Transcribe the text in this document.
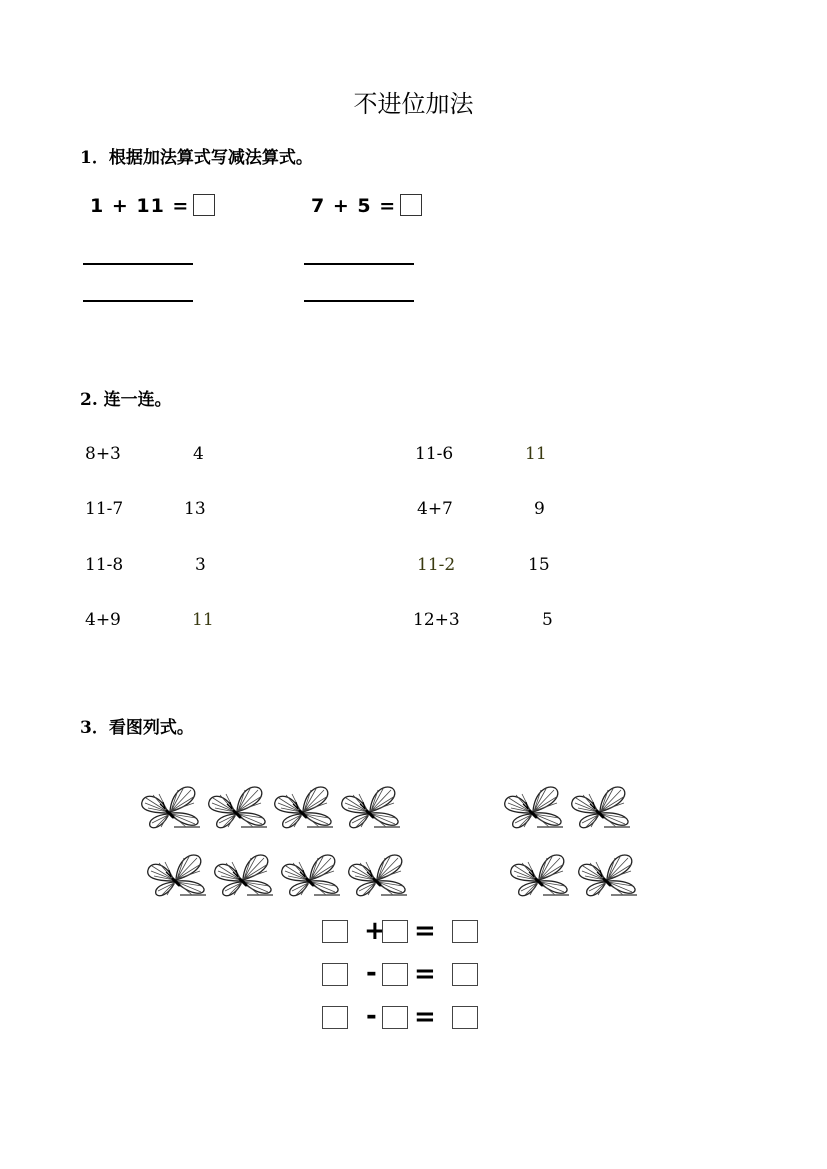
不进位加法
1．根据加法算式写减法算式。
1 + 11 =	7 + 5 =
2. 连一连。
8+3
11-7
11-8
4+9
4
13
3
11
11-6
4+7
11-2
12+3
11
9
15
5
3．看图列式。
+ =
- =
- =
